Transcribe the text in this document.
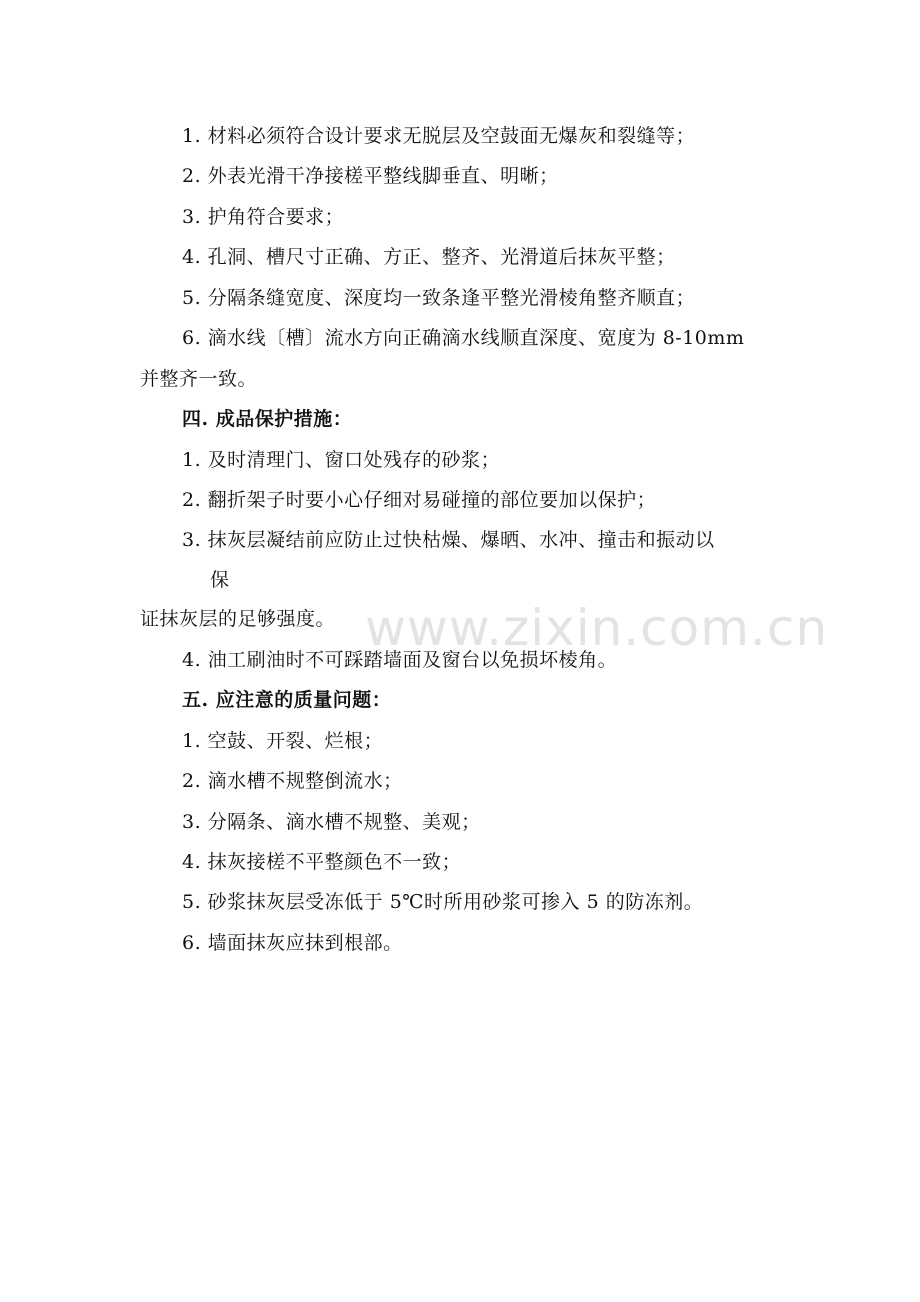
www.zixin.com.cn
1. 材料必须符合设计要求无脱层及空鼓面无爆灰和裂缝等；
2. 外表光滑干净接槎平整线脚垂直、明晰；
3. 护角符合要求；
4. 孔洞、槽尺寸正确、方正、整齐、光滑道后抹灰平整；
5. 分隔条缝宽度、深度均一致条逢平整光滑棱角整齐顺直；
6. 滴水线〔槽〕流水方向正确滴水线顺直深度、宽度为 8-10mm
并整齐一致。
四. 成品保护措施：
1. 及时清理门、窗口处残存的砂浆；
2. 翻折架子时要小心仔细对易碰撞的部位要加以保护；
3. 抹灰层凝结前应防止过快枯燥、爆晒、水冲、撞击和振动以
保
证抹灰层的足够强度。
4. 油工刷油时不可踩踏墙面及窗台以免损坏棱角。
五. 应注意的质量问题：
1. 空鼓、开裂、烂根；
2. 滴水槽不规整倒流水；
3. 分隔条、滴水槽不规整、美观；
4. 抹灰接槎不平整颜色不一致；
5. 砂浆抹灰层受冻低于 5℃时所用砂浆可掺入 5 的防冻剂。
6. 墙面抹灰应抹到根部。
